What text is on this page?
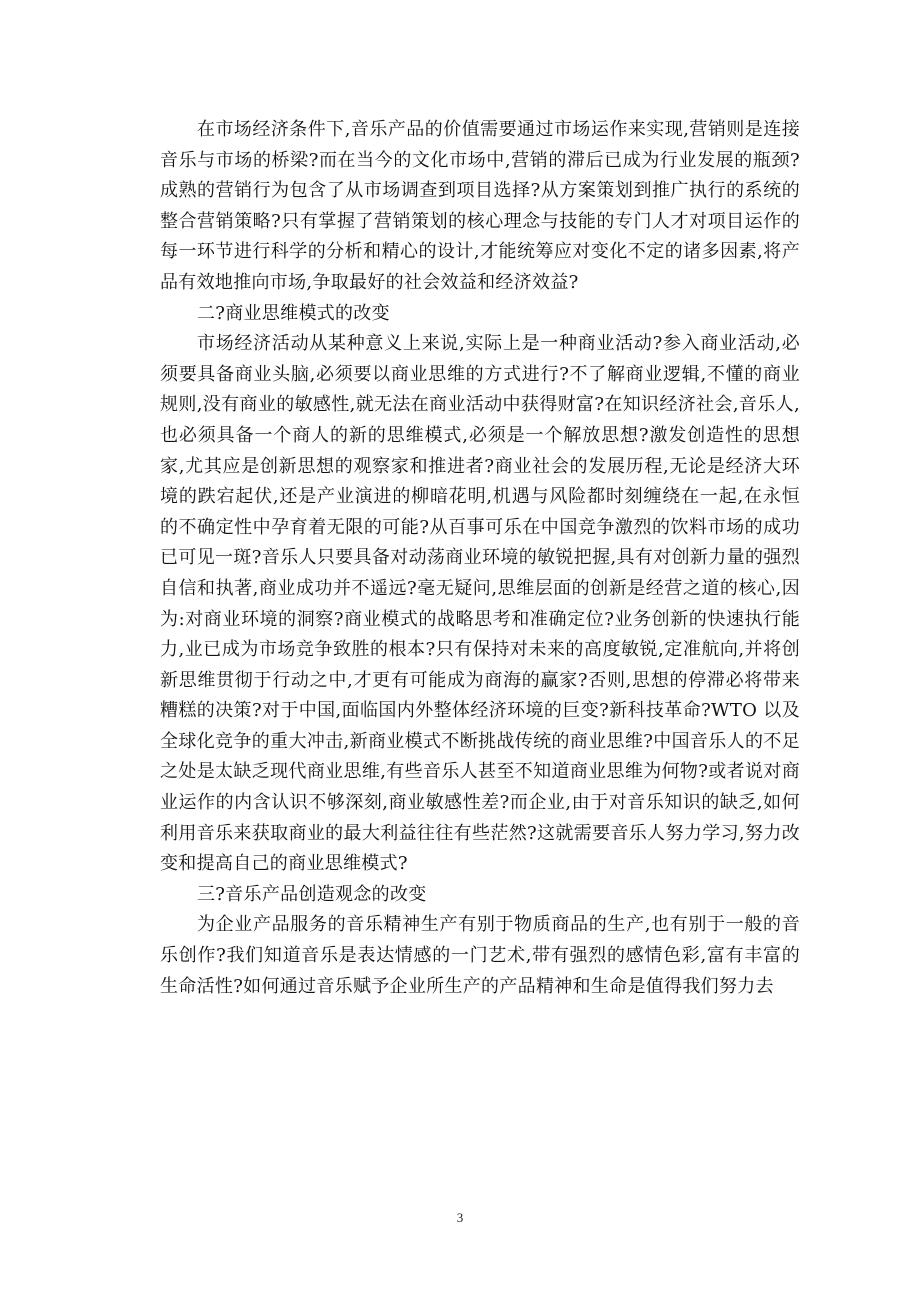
在市场经济条件下,音乐产品的价值需要通过市场运作来实现,营销则是连接音乐与市场的桥梁?而在当今的文化市场中,营销的滞后已成为行业发展的瓶颈?成熟的营销行为包含了从市场调查到项目选择?从方案策划到推广执行的系统的整合营销策略?只有掌握了营销策划的核心理念与技能的专门人才对项目运作的每一环节进行科学的分析和精心的设计,才能统筹应对变化不定的诸多因素,将产品有效地推向市场,争取最好的社会效益和经济效益?

二?商业思维模式的改变

市场经济活动从某种意义上来说,实际上是一种商业活动?参入商业活动,必须要具备商业头脑,必须要以商业思维的方式进行?不了解商业逻辑,不懂的商业规则,没有商业的敏感性,就无法在商业活动中获得财富?在知识经济社会,音乐人,也必须具备一个商人的新的思维模式,必须是一个解放思想?激发创造性的思想家,尤其应是创新思想的观察家和推进者?商业社会的发展历程,无论是经济大环境的跌宕起伏,还是产业演进的柳暗花明,机遇与风险都时刻缠绕在一起,在永恒的不确定性中孕育着无限的可能?从百事可乐在中国竞争激烈的饮料市场的成功已可见一斑?音乐人只要具备对动荡商业环境的敏锐把握,具有对创新力量的强烈自信和执著,商业成功并不遥远?毫无疑问,思维层面的创新是经营之道的核心,因为:对商业环境的洞察?商业模式的战略思考和准确定位?业务创新的快速执行能力,业已成为市场竞争致胜的根本?只有保持对未来的高度敏锐,定准航向,并将创新思维贯彻于行动之中,才更有可能成为商海的赢家?否则,思想的停滞必将带来糟糕的决策?对于中国,面临国内外整体经济环境的巨变?新科技革命?WTO 以及全球化竞争的重大冲击,新商业模式不断挑战传统的商业思维?中国音乐人的不足之处是太缺乏现代商业思维,有些音乐人甚至不知道商业思维为何物?或者说对商业运作的内含认识不够深刻,商业敏感性差?而企业,由于对音乐知识的缺乏,如何利用音乐来获取商业的最大利益往往有些茫然?这就需要音乐人努力学习,努力改变和提高自己的商业思维模式?

三?音乐产品创造观念的改变

为企业产品服务的音乐精神生产有别于物质商品的生产,也有别于一般的音乐创作?我们知道音乐是表达情感的一门艺术,带有强烈的感情色彩,富有丰富的生命活性?如何通过音乐赋予企业所生产的产品精神和生命是值得我们努力去

3
